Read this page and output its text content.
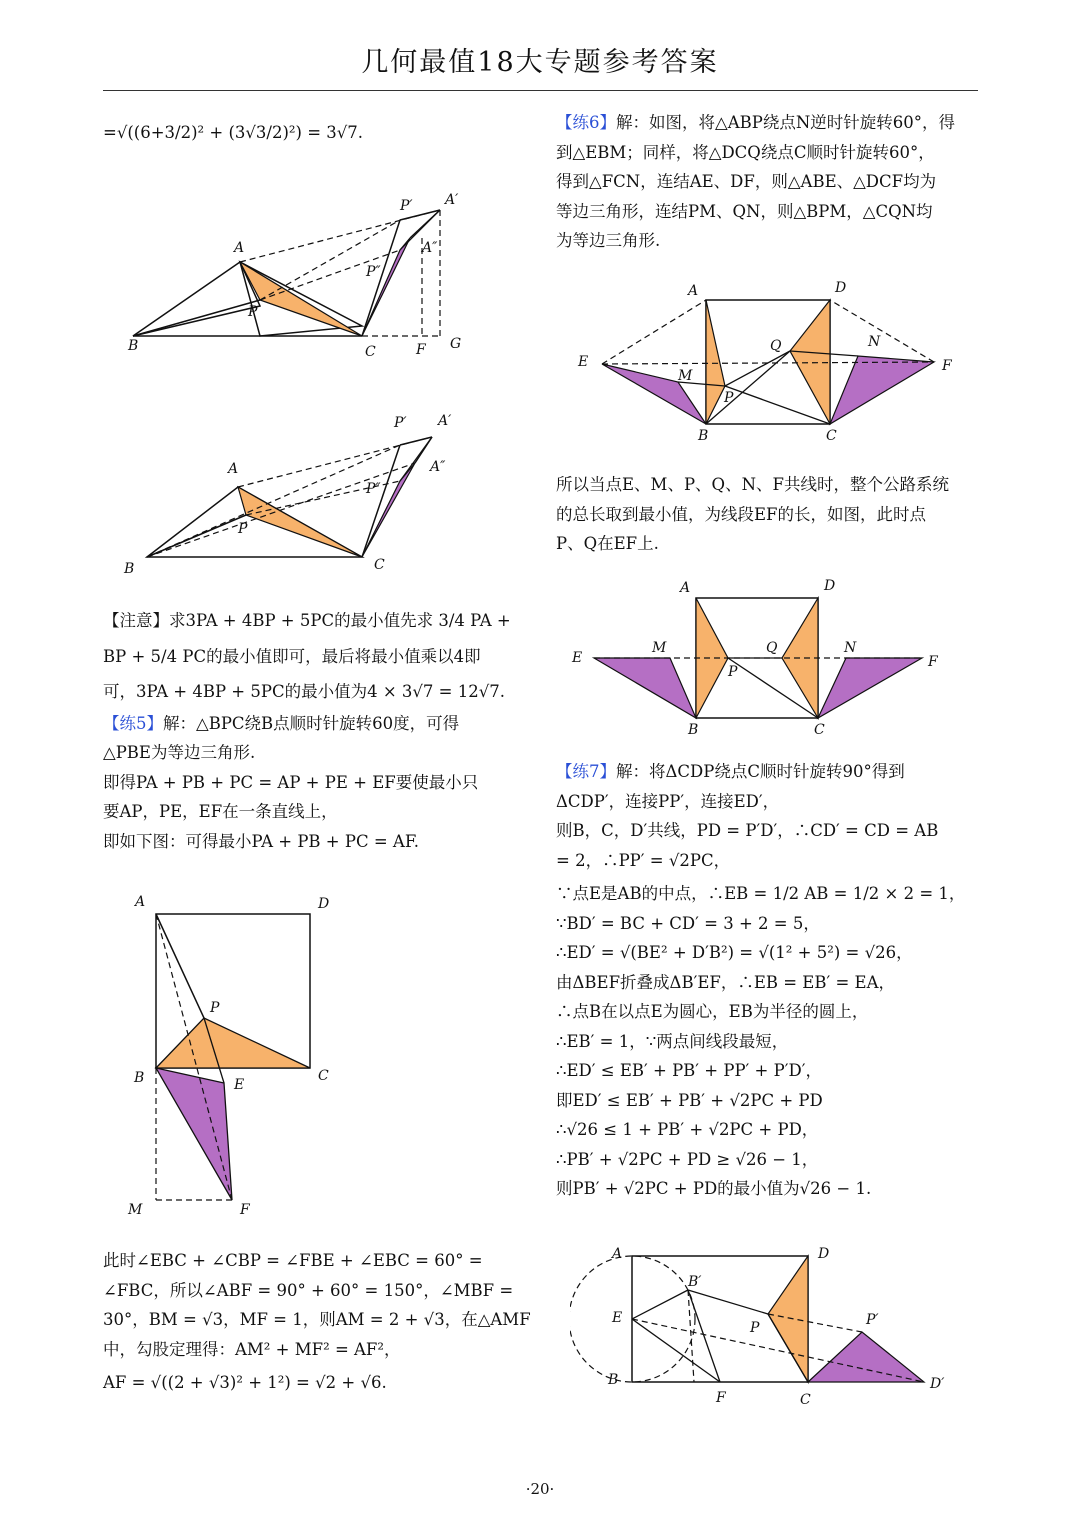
几何最值18大专题参考答案

=√((6+3/2)² + (3√3/2)²) = 3√7.

A
B
P
C	F G
P′ A′
P″
A″
A
B
P
C
P′ A′
P″
A″

【注意】求3PA + 4BP + 5PC的最小值先求 3/4 PA +

BP + 5/4 PC的最小值即可，最后将最小值乘以4即

可，3PA + 4BP + 5PC的最小值为4 × 3√7 = 12√7.

【练5】解：△BPC绕B点顺时针旋转60度，可得

△PBE为等边三角形.

即得PA + PB + PC = AP + PE + EF要使最小只

要AP，PE，EF在一条直线上，

即如下图：可得最小PA + PB + PC = AF.

A	D
P
B	E
C
M	F

此时∠EBC + ∠CBP = ∠FBE + ∠EBC = 60° =

∠FBC，所以∠ABF = 90° + 60° = 150°，∠MBF =

30°，BM = √3，MF = 1，则AM = 2 + √3，在△AMF

中，勾股定理得：AM² + MF² = AF²，

AF = √((2 + √3)² + 1²) = √2 + √6.

【练6】解：如图，将△ABP绕点N逆时针旋转60°，得

到△EBM；同样，将△DCQ绕点C顺时针旋转60°，

得到△FCN，连结AE、DF，则△ABE、△DCF均为

等边三角形，连结PM、QN，则△BPM，△CQN均

为等边三角形.

A	D
E
Q	N
F
M
P
B	C

所以当点E、M、P、Q、N、F共线时，整个公路系统

的总长取到最小值，为线段EF的长，如图，此时点

P、Q在EF上.

A	D
E
M	Q	N
F
P
B	C

【练7】解：将ΔCDP绕点C顺时针旋转90°得到

ΔCDP′，连接PP′，连接ED′，

则B，C，D′共线，PD = P′D′，∴CD′ = CD = AB

= 2，∴PP′ = √2PC，

∵点E是AB的中点，∴EB = 1/2 AB = 1/2 × 2 = 1，

∵BD′ = BC + CD′ = 3 + 2 = 5，

∴ED′ = √(BE² + D′B²) = √(1² + 5²) = √26，

由ΔBEF折叠成ΔB′EF，∴EB = EB′ = EA，

∴点B在以点E为圆心，EB为半径的圆上，

∴EB′ = 1，∵两点间线段最短，

∴ED′ ≤ EB′ + PB′ + PP′ + P′D′，

即ED′ ≤ EB′ + PB′ + √2PC + PD

∴√26 ≤ 1 + PB′ + √2PC + PD，

∴PB′ + √2PC + PD ≥ √26 − 1，

则PB′ + √2PC + PD的最小值为√26 − 1.

A	D
B′
E
P	P′
B
F	C
D′
·20·
